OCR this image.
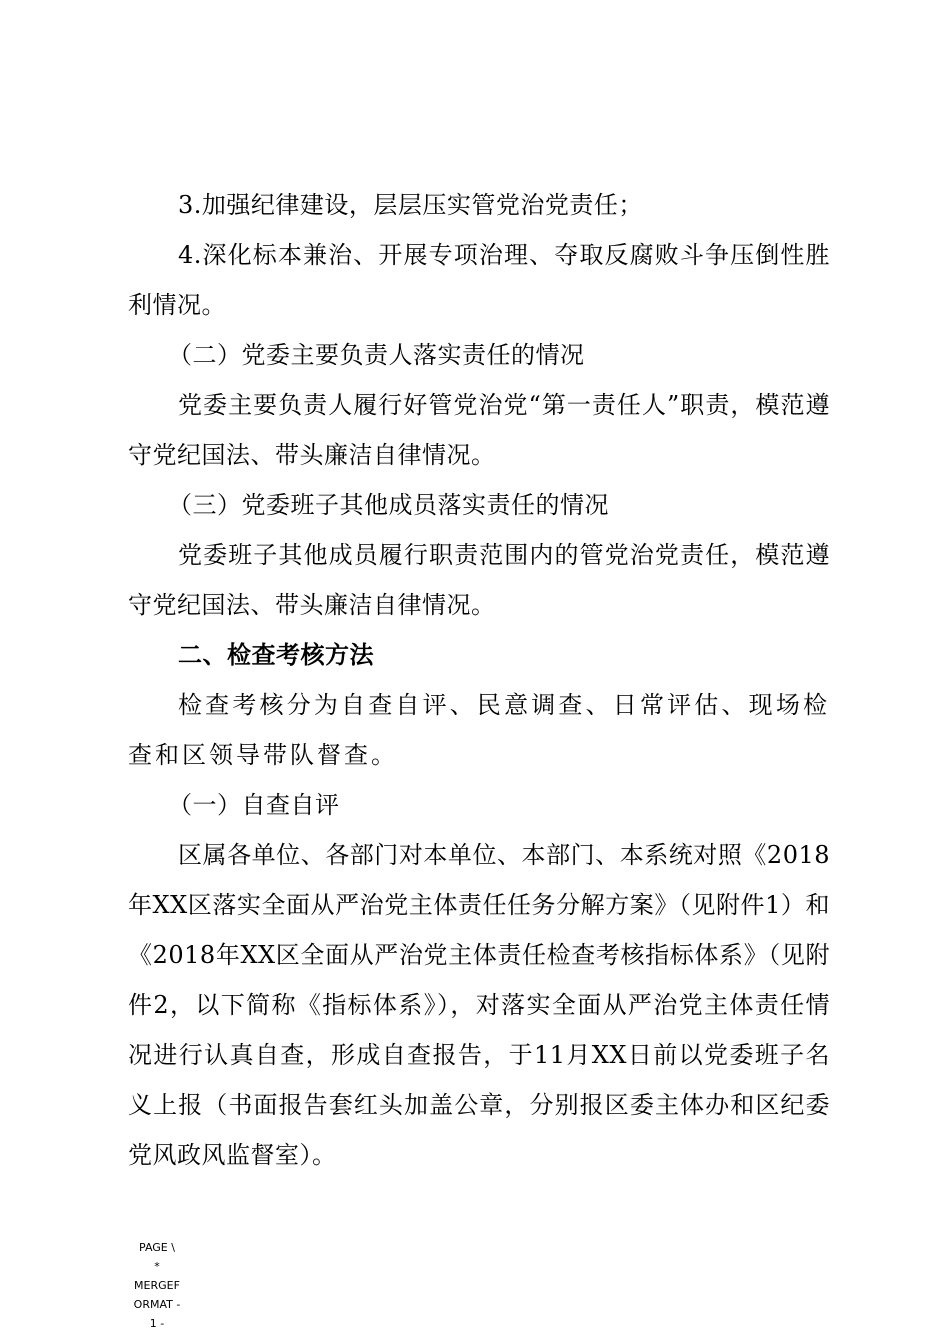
3.加强纪律建设，层层压实管党治党责任；

4.深化标本兼治、开展专项治理、夺取反腐败斗争压倒性胜利情况。

（二）党委主要负责人落实责任的情况

党委主要负责人履行好管党治党“第一责任人”职责，模范遵守党纪国法、带头廉洁自律情况。

（三）党委班子其他成员落实责任的情况

党委班子其他成员履行职责范围内的管党治党责任，模范遵守党纪国法、带头廉洁自律情况。

二、检查考核方法

检查考核分为自查自评、民意调查、日常评估、现场检查和区领导带队督查。

（一）自查自评

区属各单位、各部门对本单位、本部门、本系统对照《2018年XX区落实全面从严治党主体责任任务分解方案》（见附件1）和《2018年XX区全面从严治党主体责任检查考核指标体系》（见附件2，以下简称《指标体系》），对落实全面从严治党主体责任情况进行认真自查，形成自查报告，于11月XX日前以党委班子名义上报（书面报告套红头加盖公章，分别报区委主体办和区纪委党风政风监督室）。

PAGE \
*
MERGEF
ORMAT -
1 -
